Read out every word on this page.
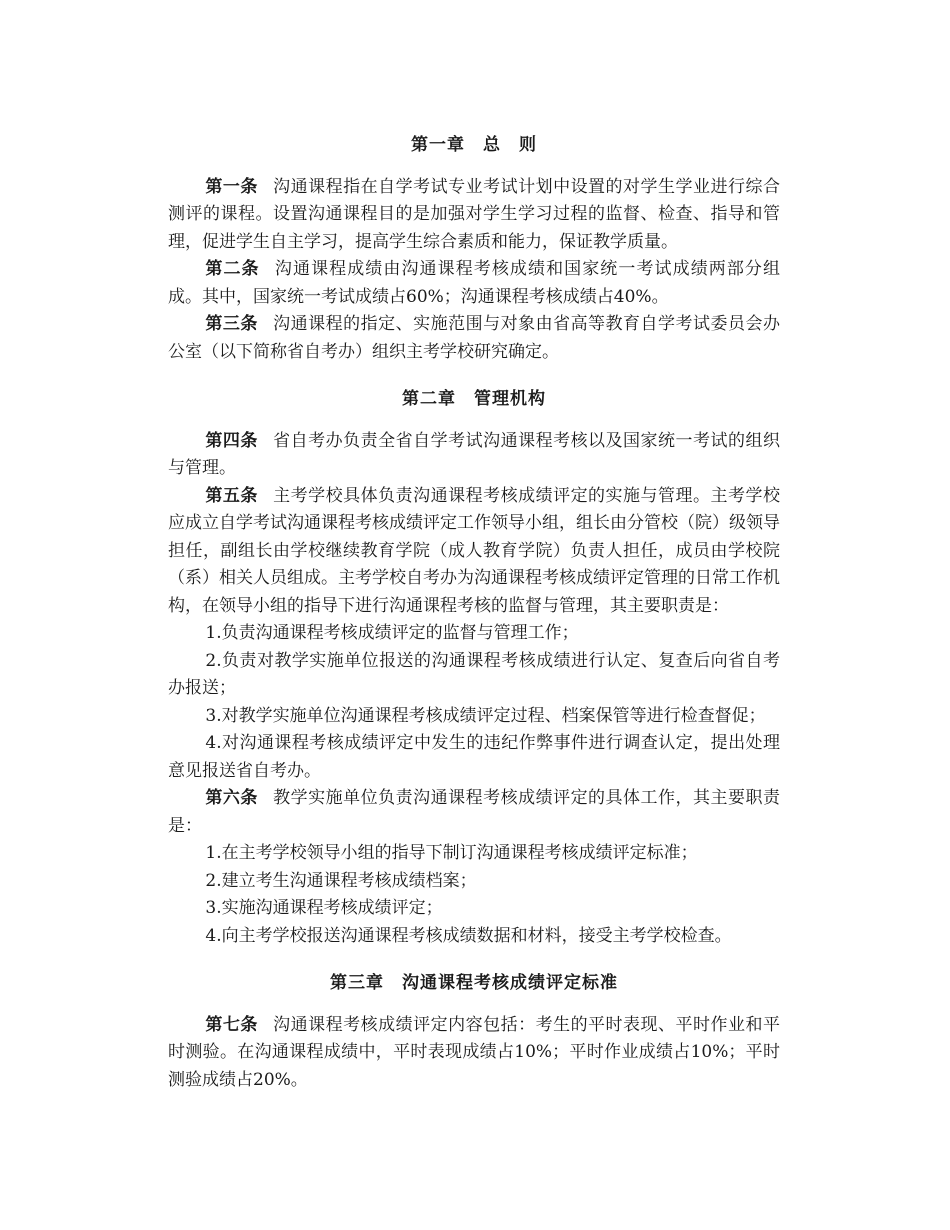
第一章　总　则

第一条 沟通课程指在自学考试专业考试计划中设置的对学生学业进行综合测评的课程。设置沟通课程目的是加强对学生学习过程的监督、检查、指导和管理，促进学生自主学习，提高学生综合素质和能力，保证教学质量。

第二条 沟通课程成绩由沟通课程考核成绩和国家统一考试成绩两部分组成。其中，国家统一考试成绩占60%；沟通课程考核成绩占40%。

第三条 沟通课程的指定、实施范围与对象由省高等教育自学考试委员会办公室（以下简称省自考办）组织主考学校研究确定。

第二章　管理机构

第四条 省自考办负责全省自学考试沟通课程考核以及国家统一考试的组织与管理。

第五条 主考学校具体负责沟通课程考核成绩评定的实施与管理。主考学校应成立自学考试沟通课程考核成绩评定工作领导小组，组长由分管校（院）级领导担任，副组长由学校继续教育学院（成人教育学院）负责人担任，成员由学校院（系）相关人员组成。主考学校自考办为沟通课程考核成绩评定管理的日常工作机构，在领导小组的指导下进行沟通课程考核的监督与管理，其主要职责是：

1.负责沟通课程考核成绩评定的监督与管理工作；

2.负责对教学实施单位报送的沟通课程考核成绩进行认定、复查后向省自考办报送；

3.对教学实施单位沟通课程考核成绩评定过程、档案保管等进行检查督促；

4.对沟通课程考核成绩评定中发生的违纪作弊事件进行调查认定，提出处理意见报送省自考办。

第六条 教学实施单位负责沟通课程考核成绩评定的具体工作，其主要职责是：

1.在主考学校领导小组的指导下制订沟通课程考核成绩评定标准；

2.建立考生沟通课程考核成绩档案；

3.实施沟通课程考核成绩评定；

4.向主考学校报送沟通课程考核成绩数据和材料，接受主考学校检查。

第三章　沟通课程考核成绩评定标准

第七条 沟通课程考核成绩评定内容包括：考生的平时表现、平时作业和平时测验。在沟通课程成绩中，平时表现成绩占10%；平时作业成绩占10%；平时测验成绩占20%。
